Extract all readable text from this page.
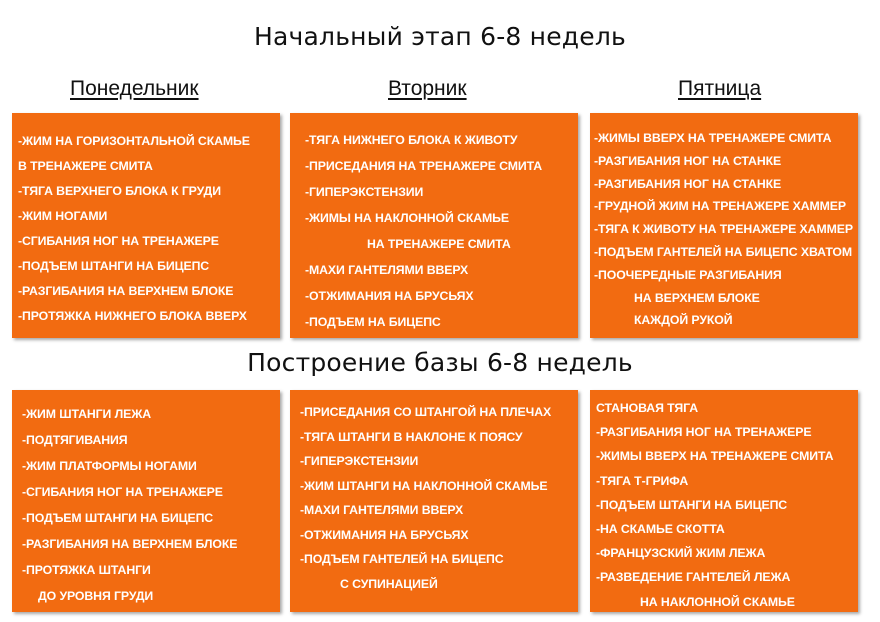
Начальный этап 6-8 недель
Понедельник	Вторник	Пятница
-ЖИМ НА ГОРИЗОНТАЛЬНОЙ СКАМЬЕ
В ТРЕНАЖЕРЕ СМИТА
-ТЯГА ВЕРХНЕГО БЛОКА К ГРУДИ
-ЖИМ НОГАМИ
-СГИБАНИЯ НОГ НА ТРЕНАЖЕРЕ
-ПОДЪЕМ ШТАНГИ НА БИЦЕПС
-РАЗГИБАНИЯ НА ВЕРХНЕМ БЛОКЕ
-ПРОТЯЖКА НИЖНЕГО БЛОКА ВВЕРХ
-ТЯГА НИЖНЕГО БЛОКА К ЖИВОТУ
-ПРИСЕДАНИЯ НА ТРЕНАЖЕРЕ СМИТА
-ГИПЕРЭКСТЕНЗИИ
-ЖИМЫ НА НАКЛОННОЙ СКАМЬЕ
НА ТРЕНАЖЕРЕ СМИТА
-МАХИ ГАНТЕЛЯМИ ВВЕРХ
-ОТЖИМАНИЯ НА БРУСЬЯХ
-ПОДЪЕМ НА БИЦЕПС
-ЖИМЫ ВВЕРХ НА ТРЕНАЖЕРЕ СМИТА
-РАЗГИБАНИЯ НОГ НА СТАНКЕ
-РАЗГИБАНИЯ НОГ НА СТАНКЕ
-ГРУДНОЙ ЖИМ НА ТРЕНАЖЕРЕ ХАММЕР
-ТЯГА К ЖИВОТУ НА ТРЕНАЖЕРЕ ХАММЕР
-ПОДЪЕМ ГАНТЕЛЕЙ НА БИЦЕПС ХВАТОМ
-ПООЧЕРЕДНЫЕ РАЗГИБАНИЯ
НА ВЕРХНЕМ БЛОКЕ
КАЖДОЙ РУКОЙ
Построение базы 6-8 недель
-ЖИМ ШТАНГИ ЛЕЖА
-ПОДТЯГИВАНИЯ
-ЖИМ ПЛАТФОРМЫ НОГАМИ
-СГИБАНИЯ НОГ НА ТРЕНАЖЕРЕ
-ПОДЪЕМ ШТАНГИ НА БИЦЕПС
-РАЗГИБАНИЯ НА ВЕРХНЕМ БЛОКЕ
-ПРОТЯЖКА ШТАНГИ
ДО УРОВНЯ ГРУДИ
-ПРИСЕДАНИЯ СО ШТАНГОЙ НА ПЛЕЧАХ
-ТЯГА ШТАНГИ В НАКЛОНЕ К ПОЯСУ
-ГИПЕРЭКСТЕНЗИИ
-ЖИМ ШТАНГИ НА НАКЛОННОЙ СКАМЬЕ
-МАХИ ГАНТЕЛЯМИ ВВЕРХ
-ОТЖИМАНИЯ НА БРУСЬЯХ
-ПОДЪЕМ ГАНТЕЛЕЙ НА БИЦЕПС
С СУПИНАЦИЕЙ
СТАНОВАЯ ТЯГА
-РАЗГИБАНИЯ НОГ НА ТРЕНАЖЕРЕ
-ЖИМЫ ВВЕРХ НА ТРЕНАЖЕРЕ СМИТА
-ТЯГА Т-ГРИФА
-ПОДЪЕМ ШТАНГИ НА БИЦЕПС
-НА СКАМЬЕ СКОТТА
-ФРАНЦУЗСКИЙ ЖИМ ЛЕЖА
-РАЗВЕДЕНИЕ ГАНТЕЛЕЙ ЛЕЖА
НА НАКЛОННОЙ СКАМЬЕ
